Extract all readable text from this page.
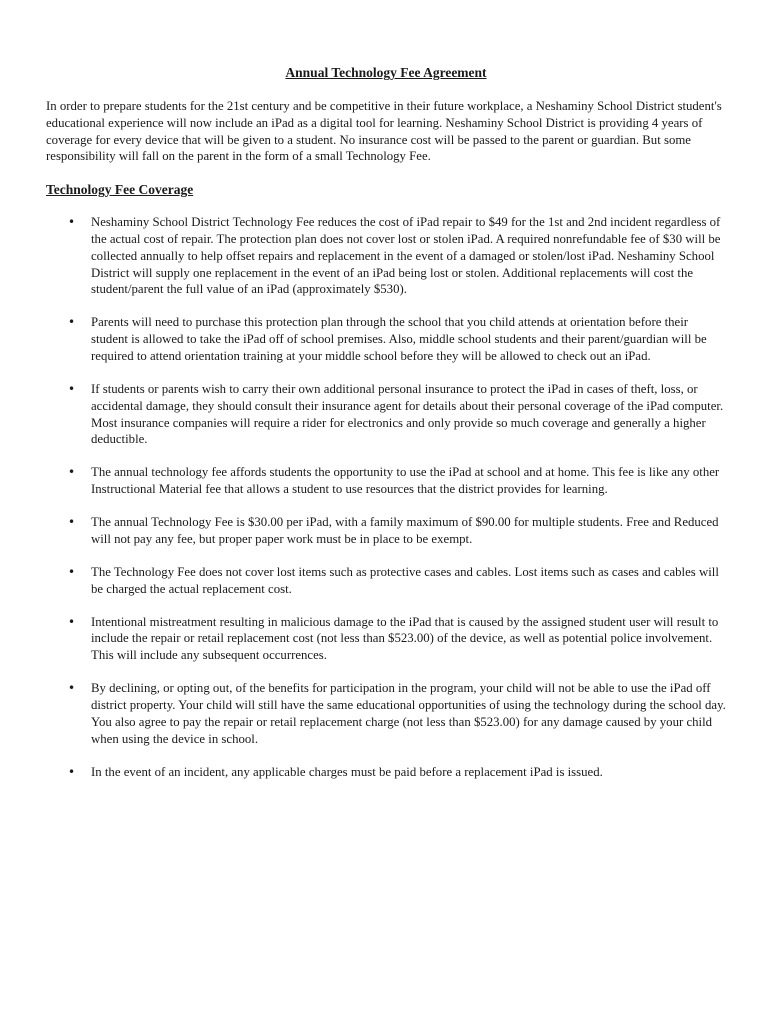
Annual Technology Fee Agreement

In order to prepare students for the 21st century and be competitive in their future workplace, a Neshaminy School District student's educational experience will now include an iPad as a digital tool for learning. Neshaminy School District is providing 4 years of coverage for every device that will be given to a student. No insurance cost will be passed to the parent or guardian. But some responsibility will fall on the parent in the form of a small Technology Fee.

Technology Fee Coverage
• Neshaminy School District Technology Fee reduces the cost of iPad repair to $49 for the 1st and 2nd incident regardless of the actual cost of repair. The protection plan does not cover lost or stolen iPad. A required nonrefundable fee of $30 will be collected annually to help offset repairs and replacement in the event of a damaged or stolen/lost iPad. Neshaminy School District will supply one replacement in the event of an iPad being lost or stolen. Additional replacements will cost the student/parent the full value of an iPad (approximately $530).
• Parents will need to purchase this protection plan through the school that you child attends at orientation before their student is allowed to take the iPad off of school premises. Also, middle school students and their parent/guardian will be required to attend orientation training at your middle school before they will be allowed to check out an iPad.
• If students or parents wish to carry their own additional personal insurance to protect the iPad in cases of theft, loss, or accidental damage, they should consult their insurance agent for details about their personal coverage of the iPad computer. Most insurance companies will require a rider for electronics and only provide so much coverage and generally a higher deductible.
• The annual technology fee affords students the opportunity to use the iPad at school and at home. This fee is like any other Instructional Material fee that allows a student to use resources that the district provides for learning.
• The annual Technology Fee is $30.00 per iPad, with a family maximum of $90.00 for multiple students. Free and Reduced will not pay any fee, but proper paper work must be in place to be exempt.
• The Technology Fee does not cover lost items such as protective cases and cables. Lost items such as cases and cables will be charged the actual replacement cost.
• Intentional mistreatment resulting in malicious damage to the iPad that is caused by the assigned student user will result to include the repair or retail replacement cost (not less than $523.00) of the device, as well as potential police involvement. This will include any subsequent occurrences.
• By declining, or opting out, of the benefits for participation in the program, your child will not be able to use the iPad off district property. Your child will still have the same educational opportunities of using the technology during the school day. You also agree to pay the repair or retail replacement charge (not less than $523.00) for any damage caused by your child when using the device in school.
• In the event of an incident, any applicable charges must be paid before a replacement iPad is issued.
